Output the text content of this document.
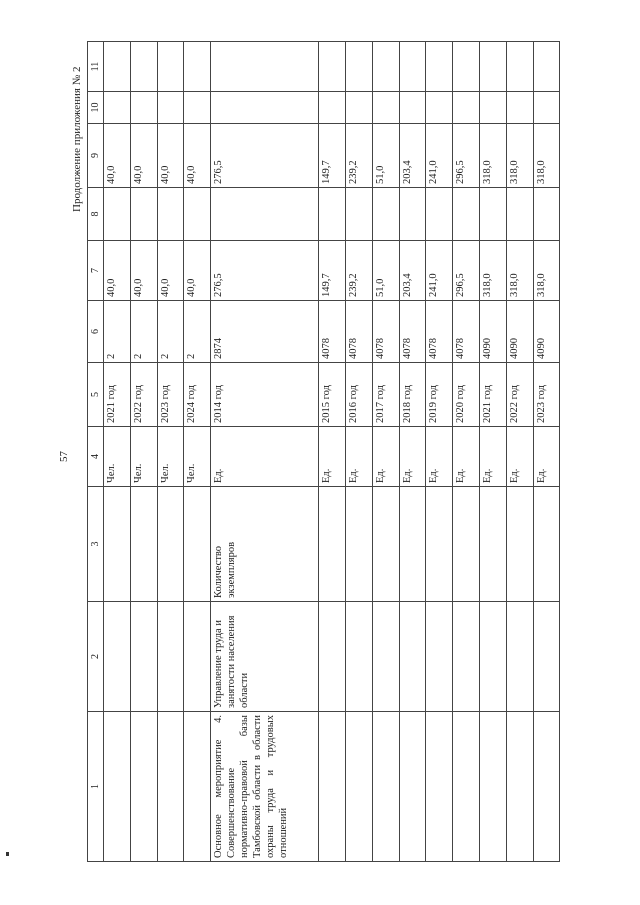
57
Продолжение приложения № 2
1	2	3	4	5	6	7	8	9	10	11
			Чел.	2021 год	2	40,0		40,0		
			Чел.	2022 год	2	40,0		40,0		
			Чел.	2023 год	2	40,0		40,0		
			Чел.	2024 год	2	40,0		40,0		
Основное мероприятие 4. Совершенствование нормативно-правовой базы Тамбовской области в области охраны труда и трудовых отношений	Управление труда и занятости населения области	Количество экземпляров	Ед.	2014 год	2874	276,5		276,5		
			Ед.	2015 год	4078	149,7		149,7		
			Ед.	2016 год	4078	239,2		239,2		
			Ед.	2017 год	4078	51,0		51,0		
			Ед.	2018 год	4078	203,4		203,4		
			Ед.	2019 год	4078	241,0		241,0		
			Ед.	2020 год	4078	296,5		296,5		
			Ед.	2021 год	4090	318,0		318,0		
			Ед.	2022 год	4090	318,0		318,0		
			Ед.	2023 год	4090	318,0		318,0		
